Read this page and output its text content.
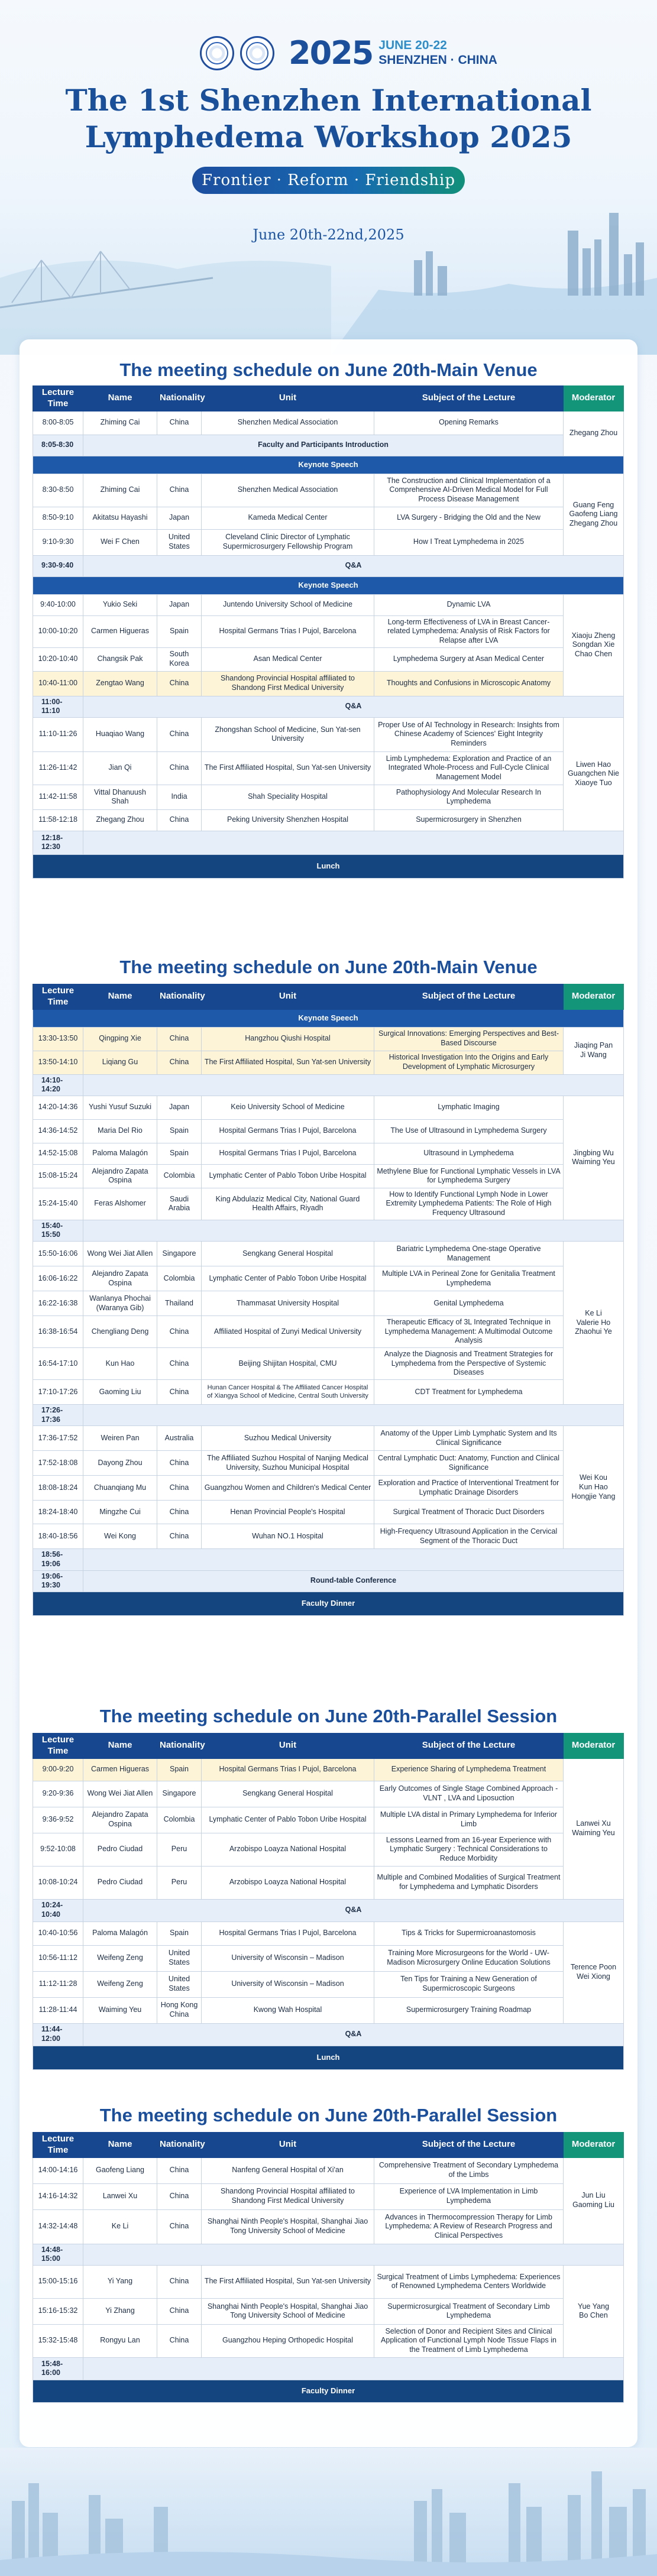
2025 JUNE 20-22
SHENZHEN · CHINA
The 1st Shenzhen International
Lymphedema Workshop 2025
Frontier · Reform · Friendship
June 20th-22nd,2025
The meeting schedule on June 20th-Main Venue
Lecture Time	Name	Nationality	Unit	Subject of the Lecture	Moderator
8:00-8:05	Zhiming Cai	China	Shenzhen Medical Association	Opening Remarks	Zhegang Zhou
8:05-8:30	Faculty and Participants Introduction				
Keynote Speech					
8:30-8:50	Zhiming Cai	China	Shenzhen Medical Association	The Construction and Clinical Implementation of a Comprehensive AI-Driven Medical Model for Full Process Disease Management	Guang Feng
Gaofeng Liang
Zhegang Zhou
8:50-9:10	Akitatsu Hayashi	Japan	Kameda Medical Center	LVA Surgery - Bridging the Old and the New	
9:10-9:30	Wei F Chen	United States	Cleveland Clinic Director of Lymphatic Supermicrosurgery Fellowship Program	How I Treat Lymphedema in 2025	
9:30-9:40	Q&A				
Keynote Speech					
9:40-10:00	Yukio Seki	Japan	Juntendo University School of Medicine	Dynamic LVA	Xiaoju Zheng
Songdan Xie
Chao Chen
10:00-10:20	Carmen Higueras	Spain	Hospital Germans Trias I Pujol, Barcelona	Long-term Effectiveness of LVA in Breast Cancer-related Lymphedema: Analysis of Risk Factors for Relapse after LVA	
10:20-10:40	Changsik Pak	South Korea	Asan Medical Center	Lymphedema Surgery at Asan Medical Center	
10:40-11:00	Zengtao Wang	China	Shandong Provincial Hospital affiliated to Shandong First Medical University	Thoughts and Confusions in Microscopic Anatomy	
11:00-11:10	Q&A				
11:10-11:26	Huaqiao Wang	China	Zhongshan School of Medicine, Sun Yat-sen University	Proper Use of AI Technology in Research: Insights from Chinese Academy of Sciences' Eight Integrity Reminders	Liwen Hao
Guangchen Nie
Xiaoye Tuo
11:26-11:42	Jian Qi	China	The First Affiliated Hospital, Sun Yat-sen University	Limb Lymphedema: Exploration and Practice of an Integrated Whole-Process and Full-Cycle Clinical Management Model	
11:42-11:58	Vittal Dhanuush Shah	India	Shah Speciality Hospital	Pathophysiology And Molecular Research In Lymphedema	
11:58-12:18	Zhegang Zhou	China	Peking University Shenzhen Hospital	Supermicrosurgery in Shenzhen	
12:18-12:30					
Lunch					
The meeting schedule on June 20th-Main Venue
Lecture Time	Name	Nationality	Unit	Subject of the Lecture	Moderator
Keynote Speech					
13:30-13:50	Qingping Xie	China	Hangzhou Qiushi Hospital	Surgical Innovations: Emerging Perspectives and Best-Based Discourse	Jiaqing Pan
Ji Wang
13:50-14:10	Liqiang Gu	China	The First Affiliated Hospital, Sun Yat-sen University	Historical Investigation Into the Origins and Early Development of Lymphatic Microsurgery	
14:10-14:20					
14:20-14:36	Yushi Yusuf Suzuki	Japan	Keio University School of Medicine	Lymphatic Imaging	Jingbing Wu
Waiming Yeu
14:36-14:52	Maria Del Rio	Spain	Hospital Germans Trias I Pujol, Barcelona	The Use of Ultrasound in Lymphedema Surgery	
14:52-15:08	Paloma Malagón	Spain	Hospital Germans Trias I Pujol, Barcelona	Ultrasound in Lymphedema	
15:08-15:24	Alejandro Zapata Ospina	Colombia	Lymphatic Center of Pablo Tobon Uribe Hospital	Methylene Blue for Functional Lymphatic Vessels in LVA for Lymphedema Surgery	
15:24-15:40	Feras Alshomer	Saudi Arabia	King Abdulaziz Medical City, National Guard Health Affairs, Riyadh	How to Identify Functional Lymph Node in Lower Extremity Lymphedema Patients: The Role of High Frequency Ultrasound	
15:40-15:50					
15:50-16:06	Wong Wei Jiat Allen	Singapore	Sengkang General Hospital	Bariatric Lymphedema One-stage Operative Management	Ke Li
Valerie Ho
Zhaohui Ye
16:06-16:22	Alejandro Zapata Ospina	Colombia	Lymphatic Center of Pablo Tobon Uribe Hospital	Multiple LVA in Perineal Zone for Genitalia Treatment Lymphedema	
16:22-16:38	Wanlanya Phochai (Waranya Gib)	Thailand	Thammasat University Hospital	Genital Lymphedema	
16:38-16:54	Chengliang Deng	China	Affiliated Hospital of Zunyi Medical University	Therapeutic Efficacy of 3L Integrated Technique in Lymphedema Management: A Multimodal Outcome Analysis	
16:54-17:10	Kun Hao	China	Beijing Shijitan Hospital, CMU	Analyze the Diagnosis and Treatment Strategies for Lymphedema from the Perspective of Systemic Diseases	
17:10-17:26	Gaoming Liu	China	Hunan Cancer Hospital & The Affiliated Cancer Hospital of Xiangya School of Medicine, Central South University	CDT Treatment for Lymphedema	
17:26-17:36					
17:36-17:52	Weiren Pan	Australia	Suzhou Medical University	Anatomy of the Upper Limb Lymphatic System and Its Clinical Significance	Wei Kou
Kun Hao
Hongjie Yang
17:52-18:08	Dayong Zhou	China	The Affiliated Suzhou Hospital of Nanjing Medical University, Suzhou Municipal Hospital	Central Lymphatic Duct: Anatomy, Function and Clinical Significance	
18:08-18:24	Chuanqiang Mu	China	Guangzhou Women and Children's Medical Center	Exploration and Practice of Interventional Treatment for Lymphatic Drainage Disorders	
18:24-18:40	Mingzhe Cui	China	Henan Provincial People's Hospital	Surgical Treatment of Thoracic Duct Disorders	
18:40-18:56	Wei Kong	China	Wuhan NO.1 Hospital	High-Frequency Ultrasound Application in the Cervical Segment of the Thoracic Duct	
18:56-19:06					
19:06-19:30	Round-table Conference				
Faculty Dinner					
The meeting schedule on June 20th-Parallel Session
Lecture Time	Name	Nationality	Unit	Subject of the Lecture	Moderator
9:00-9:20	Carmen Higueras	Spain	Hospital Germans Trias I Pujol, Barcelona	Experience Sharing of Lymphedema Treatment	Lanwei Xu
Waiming Yeu
9:20-9:36	Wong Wei Jiat Allen	Singapore	Sengkang General Hospital	Early Outcomes of Single Stage Combined Approach - VLNT , LVA and Liposuction	
9:36-9:52	Alejandro Zapata Ospina	Colombia	Lymphatic Center of Pablo Tobon Uribe Hospital	Multiple LVA distal in Primary Lymphedema for Inferior Limb	
9:52-10:08	Pedro Ciudad	Peru	Arzobispo Loayza National Hospital	Lessons Learned from an 16-year Experience with Lymphatic Surgery : Technical Considerations to Reduce Morbidity	
10:08-10:24	Pedro Ciudad	Peru	Arzobispo Loayza National Hospital	Multiple and Combined Modalities of Surgical Treatment for Lymphedema and Lymphatic Disorders	
10:24-10:40	Q&A				
10:40-10:56	Paloma Malagón	Spain	Hospital Germans Trias I Pujol, Barcelona	Tips & Tricks for Supermicroanastomosis	Terence Poon
Wei Xiong
10:56-11:12	Weifeng Zeng	United States	University of Wisconsin – Madison	Training More Microsurgeons for the World - UW-Madison Microsurgery Online Education Solutions	
11:12-11:28	Weifeng Zeng	United States	University of Wisconsin – Madison	Ten Tips for Training a New Generation of Supermicroscopic Surgeons	
11:28-11:44	Waiming Yeu	Hong Kong China	Kwong Wah Hospital	Supermicrosurgery Training Roadmap	
11:44-12:00	Q&A				
Lunch					
The meeting schedule on June 20th-Parallel Session
Lecture Time	Name	Nationality	Unit	Subject of the Lecture	Moderator
14:00-14:16	Gaofeng Liang	China	Nanfeng General Hospital of Xi'an	Comprehensive Treatment of Secondary Lymphedema of the Limbs	Jun Liu
Gaoming Liu
14:16-14:32	Lanwei Xu	China	Shandong Provincial Hospital affiliated to Shandong First Medical University	Experience of LVA Implementation in Limb Lymphedema	
14:32-14:48	Ke Li	China	Shanghai Ninth People's Hospital, Shanghai Jiao Tong University School of Medicine	Advances in Thermocompression Therapy for Limb Lymphedema: A Review of Research Progress and Clinical Perspectives	
14:48-15:00					
15:00-15:16	Yi Yang	China	The First Affiliated Hospital, Sun Yat-sen University	Surgical Treatment of Limbs Lymphedema: Experiences of Renowned Lymphedema Centers Worldwide	Yue Yang
Bo Chen
15:16-15:32	Yi Zhang	China	Shanghai Ninth People's Hospital, Shanghai Jiao Tong University School of Medicine	Supermicrosurgical Treatment of Secondary Limb Lymphedema	
15:32-15:48	Rongyu Lan	China	Guangzhou Heping Orthopedic Hospital	Selection of Donor and Recipient Sites and Clinical Application of Functional Lymph Node Tissue Flaps in the Treatment of Limb Lymphedema	
15:48-16:00					
Faculty Dinner					
